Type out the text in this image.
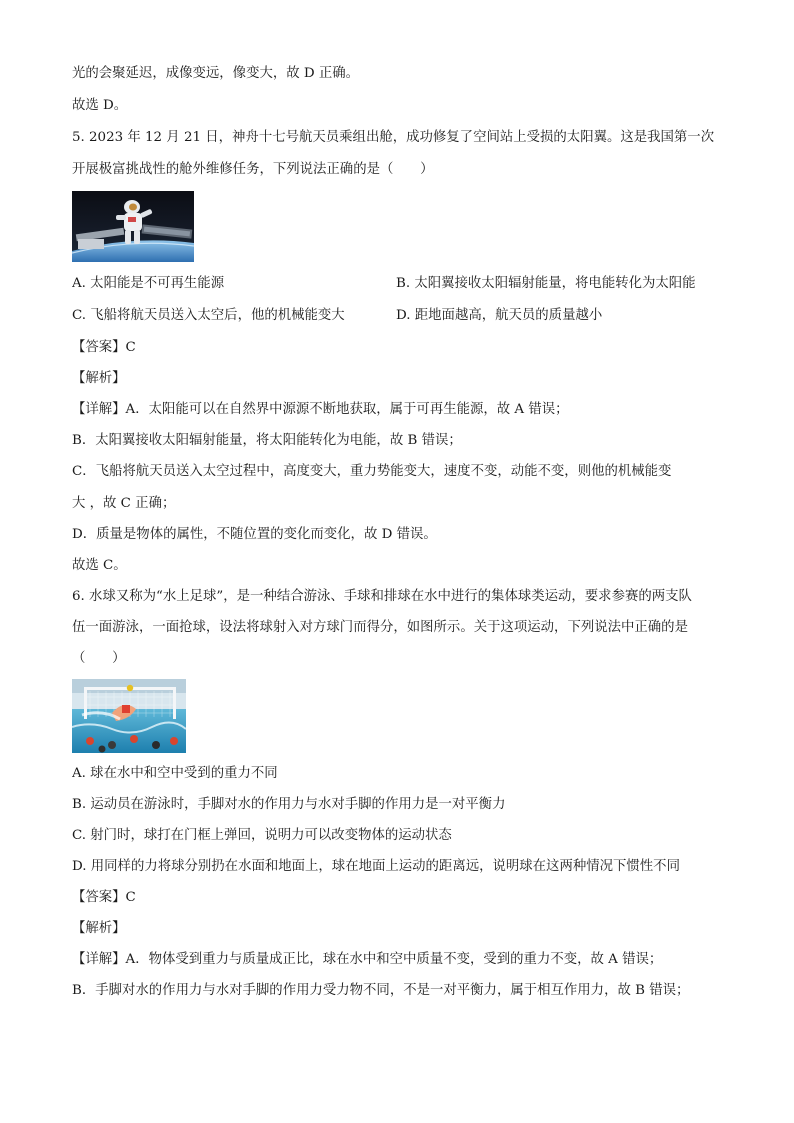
光的会聚延迟，成像变远，像变大，故 D 正确。
故选 D。
5. 2023 年 12 月 21 日，神舟十七号航天员乘组出舱，成功修复了空间站上受损的太阳翼。这是我国第一次
开展极富挑战性的舱外维修任务，下列说法正确的是（　　）
A. 太阳能是不可再生能源	B. 太阳翼接收太阳辐射能量，将电能转化为太阳能
C. 飞船将航天员送入太空后，他的机械能变大	D. 距地面越高，航天员的质量越小
【答案】C
【解析】
【详解】A．太阳能可以在自然界中源源不断地获取，属于可再生能源，故 A 错误；
B．太阳翼接收太阳辐射能量，将太阳能转化为电能，故 B 错误；
C．飞船将航天员送入太空过程中，高度变大，重力势能变大，速度不变，动能不变，则他的机械能变
大 ，故 C 正确；
D．质量是物体的属性，不随位置的变化而变化，故 D 错误。
故选 C。
6. 水球又称为“水上足球”，是一种结合游泳、手球和排球在水中进行的集体球类运动，要求参赛的两支队
伍一面游泳，一面抢球，设法将球射入对方球门而得分，如图所示。关于这项运动，下列说法中正确的是
（　　）
A. 球在水中和空中受到的重力不同
B. 运动员在游泳时，手脚对水的作用力与水对手脚的作用力是一对平衡力
C. 射门时，球打在门框上弹回，说明力可以改变物体的运动状态
D. 用同样的力将球分别扔在水面和地面上，球在地面上运动的距离远，说明球在这两种情况下惯性不同
【答案】C
【解析】
【详解】A．物体受到重力与质量成正比，球在水中和空中质量不变，受到的重力不变，故 A 错误；
B．手脚对水的作用力与水对手脚的作用力受力物不同，不是一对平衡力，属于相互作用力，故 B 错误；
